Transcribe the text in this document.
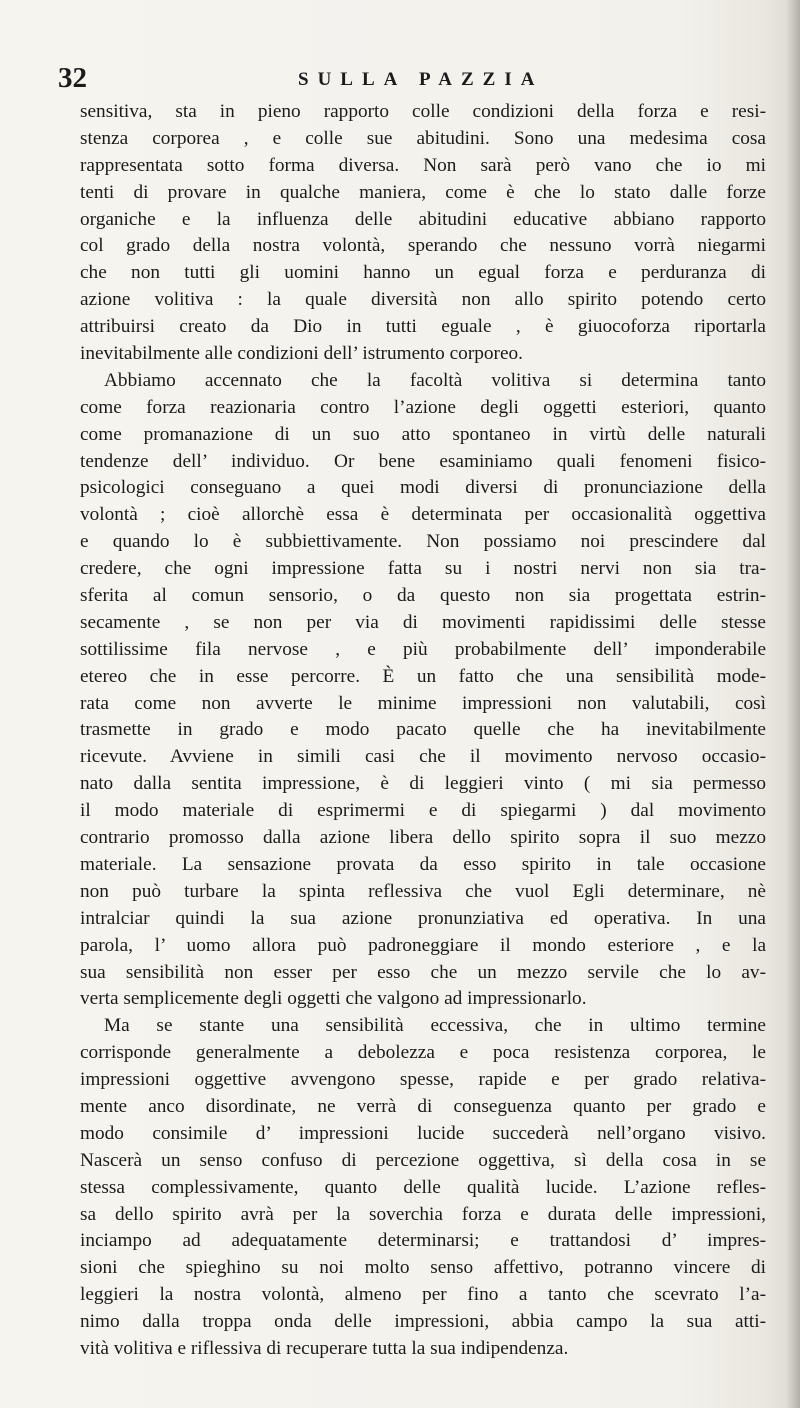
32	SULLA PAZZIA
sensitiva, sta in pieno rapporto colle condizioni della forza e resi-
stenza corporea , e colle sue abitudini. Sono una medesima cosa
rappresentata sotto forma diversa. Non sarà però vano che io mi
tenti di provare in qualche maniera, come è che lo stato dalle forze
organiche e la influenza delle abitudini educative abbiano rapporto
col grado della nostra volontà, sperando che nessuno vorrà niegarmi
che non tutti gli uomini hanno un egual forza e perduranza di
azione volitiva : la quale diversità non allo spirito potendo certo
attribuirsi creato da Dio in tutti eguale , è giuocoforza riportarla
inevitabilmente alle condizioni dell’ istrumento corporeo.
Abbiamo accennato che la facoltà volitiva si determina tanto
come forza reazionaria contro l’azione degli oggetti esteriori, quanto
come promanazione di un suo atto spontaneo in virtù delle naturali
tendenze dell’ individuo. Or bene esaminiamo quali fenomeni fisico-
psicologici conseguano a quei modi diversi di pronunciazione della
volontà ; cioè allorchè essa è determinata per occasionalità oggettiva
e quando lo è subbiettivamente. Non possiamo noi prescindere dal
credere, che ogni impressione fatta su i nostri nervi non sia tra-
sferita al comun sensorio, o da questo non sia progettata estrin-
secamente , se non per via di movimenti rapidissimi delle stesse
sottilissime fila nervose , e più probabilmente dell’ imponderabile
etereo che in esse percorre. È un fatto che una sensibilità mode-
rata come non avverte le minime impressioni non valutabili, così
trasmette in grado e modo pacato quelle che ha inevitabilmente
ricevute. Avviene in simili casi che il movimento nervoso occasio-
nato dalla sentita impressione, è di leggieri vinto ( mi sia permesso
il modo materiale di esprimermi e di spiegarmi ) dal movimento
contrario promosso dalla azione libera dello spirito sopra il suo mezzo
materiale. La sensazione provata da esso spirito in tale occasione
non può turbare la spinta reflessiva che vuol Egli determinare, nè
intralciar quindi la sua azione pronunziativa ed operativa. In una
parola, l’ uomo allora può padroneggiare il mondo esteriore , e la
sua sensibilità non esser per esso che un mezzo servile che lo av-
verta semplicemente degli oggetti che valgono ad impressionarlo.
Ma se stante una sensibilità eccessiva, che in ultimo termine
corrisponde generalmente a debolezza e poca resistenza corporea, le
impressioni oggettive avvengono spesse, rapide e per grado relativa-
mente anco disordinate, ne verrà di conseguenza quanto per grado e
modo consimile d’ impressioni lucide succederà nell’organo visivo.
Nascerà un senso confuso di percezione oggettiva, sì della cosa in se
stessa complessivamente, quanto delle qualità lucide. L’azione refles-
sa dello spirito avrà per la soverchia forza e durata delle impressioni,
inciampo ad adequatamente determinarsi; e trattandosi d’ impres-
sioni che spieghino su noi molto senso affettivo, potranno vincere di
leggieri la nostra volontà, almeno per fino a tanto che scevrato l’a-
nimo dalla troppa onda delle impressioni, abbia campo la sua atti-
vità volitiva e riflessiva di recuperare tutta la sua indipendenza.
